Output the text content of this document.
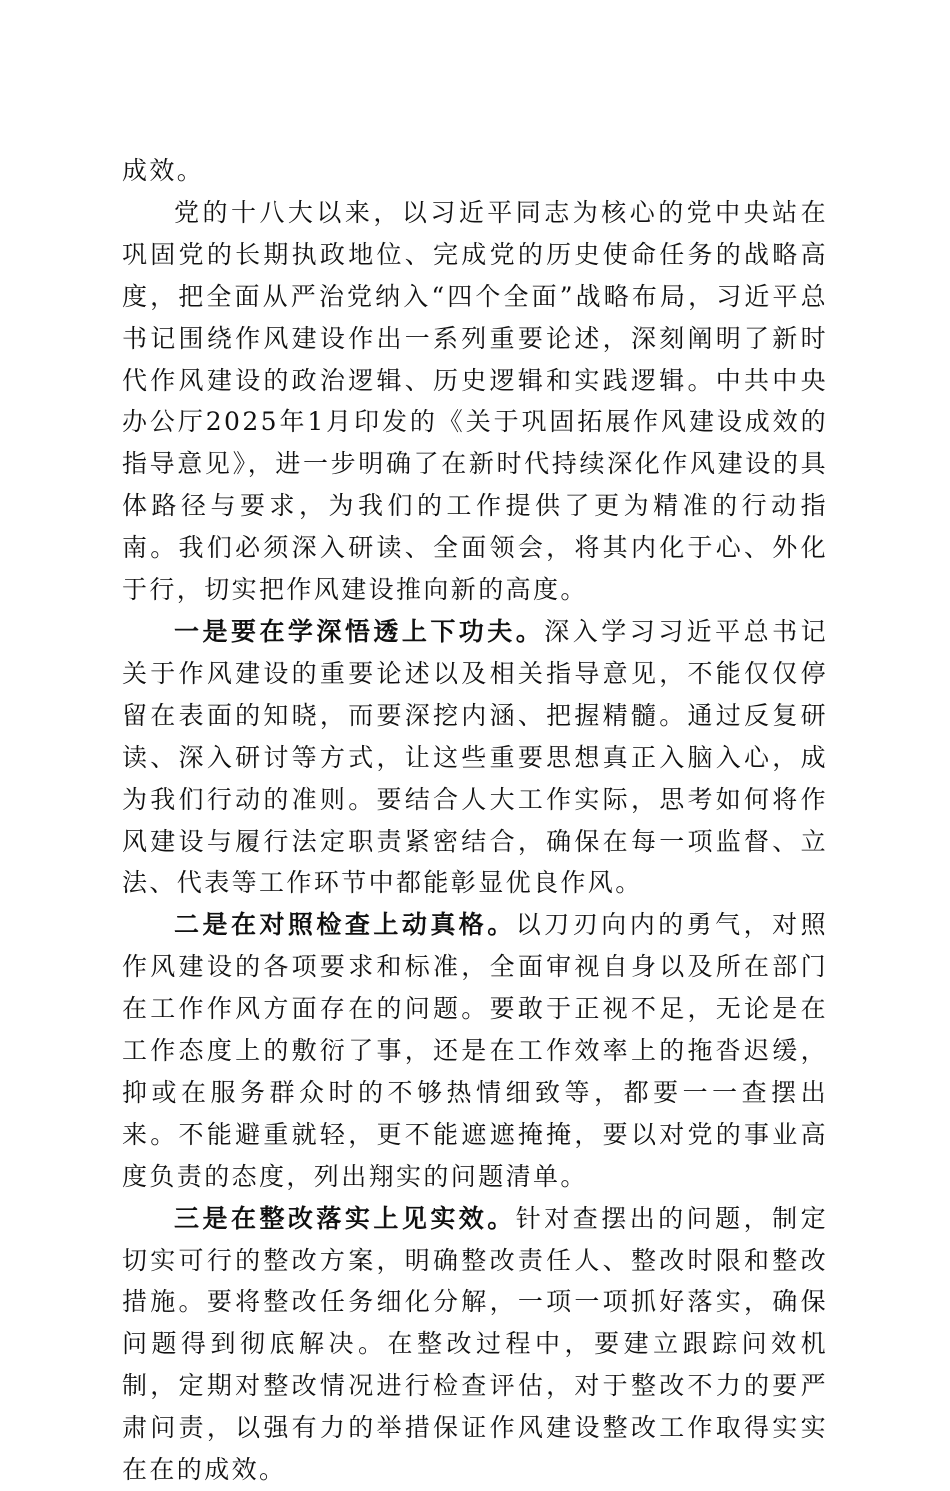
成效。

党的十八大以来，以习近平同志为核心的党中央站在巩固党的长期执政地位、完成党的历史使命任务的战略高度，把全面从严治党纳入“四个全面”战略布局，习近平总书记围绕作风建设作出一系列重要论述，深刻阐明了新时代作风建设的政治逻辑、历史逻辑和实践逻辑。中共中央办公厅2025年1月印发的《关于巩固拓展作风建设成效的指导意见》，进一步明确了在新时代持续深化作风建设的具体路径与要求，为我们的工作提供了更为精准的行动指南。我们必须深入研读、全面领会，将其内化于心、外化于行，切实把作风建设推向新的高度。

一是要在学深悟透上下功夫。深入学习习近平总书记关于作风建设的重要论述以及相关指导意见，不能仅仅停留在表面的知晓，而要深挖内涵、把握精髓。通过反复研读、深入研讨等方式，让这些重要思想真正入脑入心，成为我们行动的准则。要结合人大工作实际，思考如何将作风建设与履行法定职责紧密结合，确保在每一项监督、立法、代表等工作环节中都能彰显优良作风。

二是在对照检查上动真格。以刀刃向内的勇气，对照作风建设的各项要求和标准，全面审视自身以及所在部门在工作作风方面存在的问题。要敢于正视不足，无论是在工作态度上的敷衍了事，还是在工作效率上的拖沓迟缓，抑或在服务群众时的不够热情细致等，都要一一查摆出来。不能避重就轻，更不能遮遮掩掩，要以对党的事业高度负责的态度，列出翔实的问题清单。

三是在整改落实上见实效。针对查摆出的问题，制定切实可行的整改方案，明确整改责任人、整改时限和整改措施。要将整改任务细化分解，一项一项抓好落实，确保问题得到彻底解决。在整改过程中，要建立跟踪问效机制，定期对整改情况进行检查评估，对于整改不力的要严肃问责，以强有力的举措保证作风建设整改工作取得实实在在的成效。
